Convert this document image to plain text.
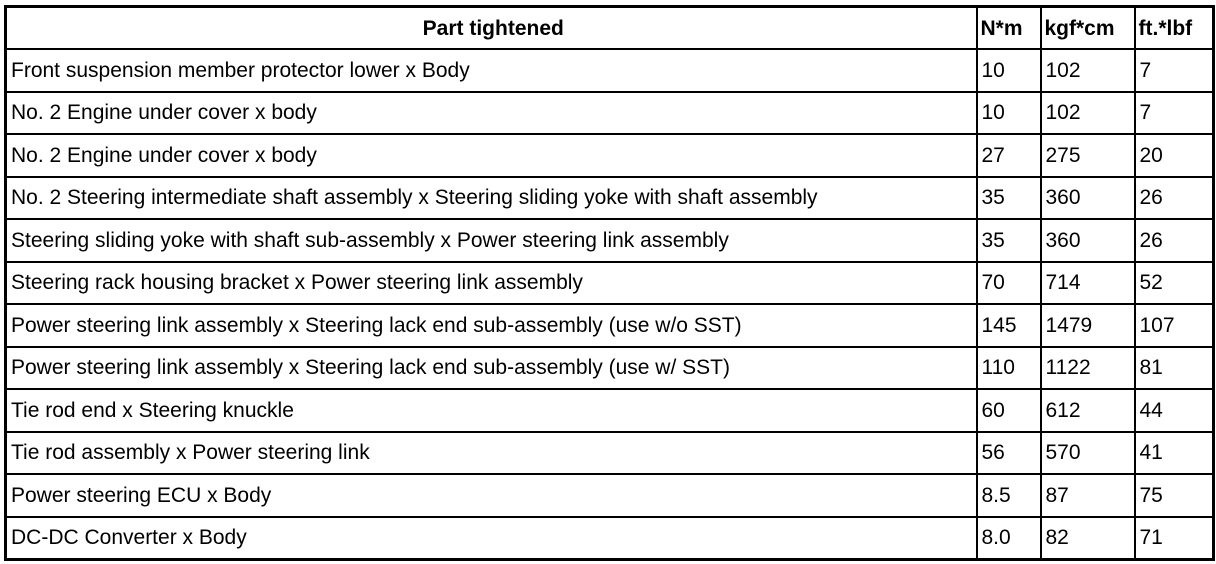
Part tightened	N*m	kgf*cm	ft.*lbf
Front suspension member protector lower x Body	10	102	7
No. 2 Engine under cover x body	10	102	7
No. 2 Engine under cover x body	27	275	20
No. 2 Steering intermediate shaft assembly x Steering sliding yoke with shaft assembly	35	360	26
Steering sliding yoke with shaft sub-assembly x Power steering link assembly	35	360	26
Steering rack housing bracket x Power steering link assembly	70	714	52
Power steering link assembly x Steering lack end sub-assembly (use w/o SST)	145	1479	107
Power steering link assembly x Steering lack end sub-assembly (use w/ SST)	110	1122	81
Tie rod end x Steering knuckle	60	612	44
Tie rod assembly x Power steering link	56	570	41
Power steering ECU x Body	8.5	87	75
DC-DC Converter x Body	8.0	82	71
